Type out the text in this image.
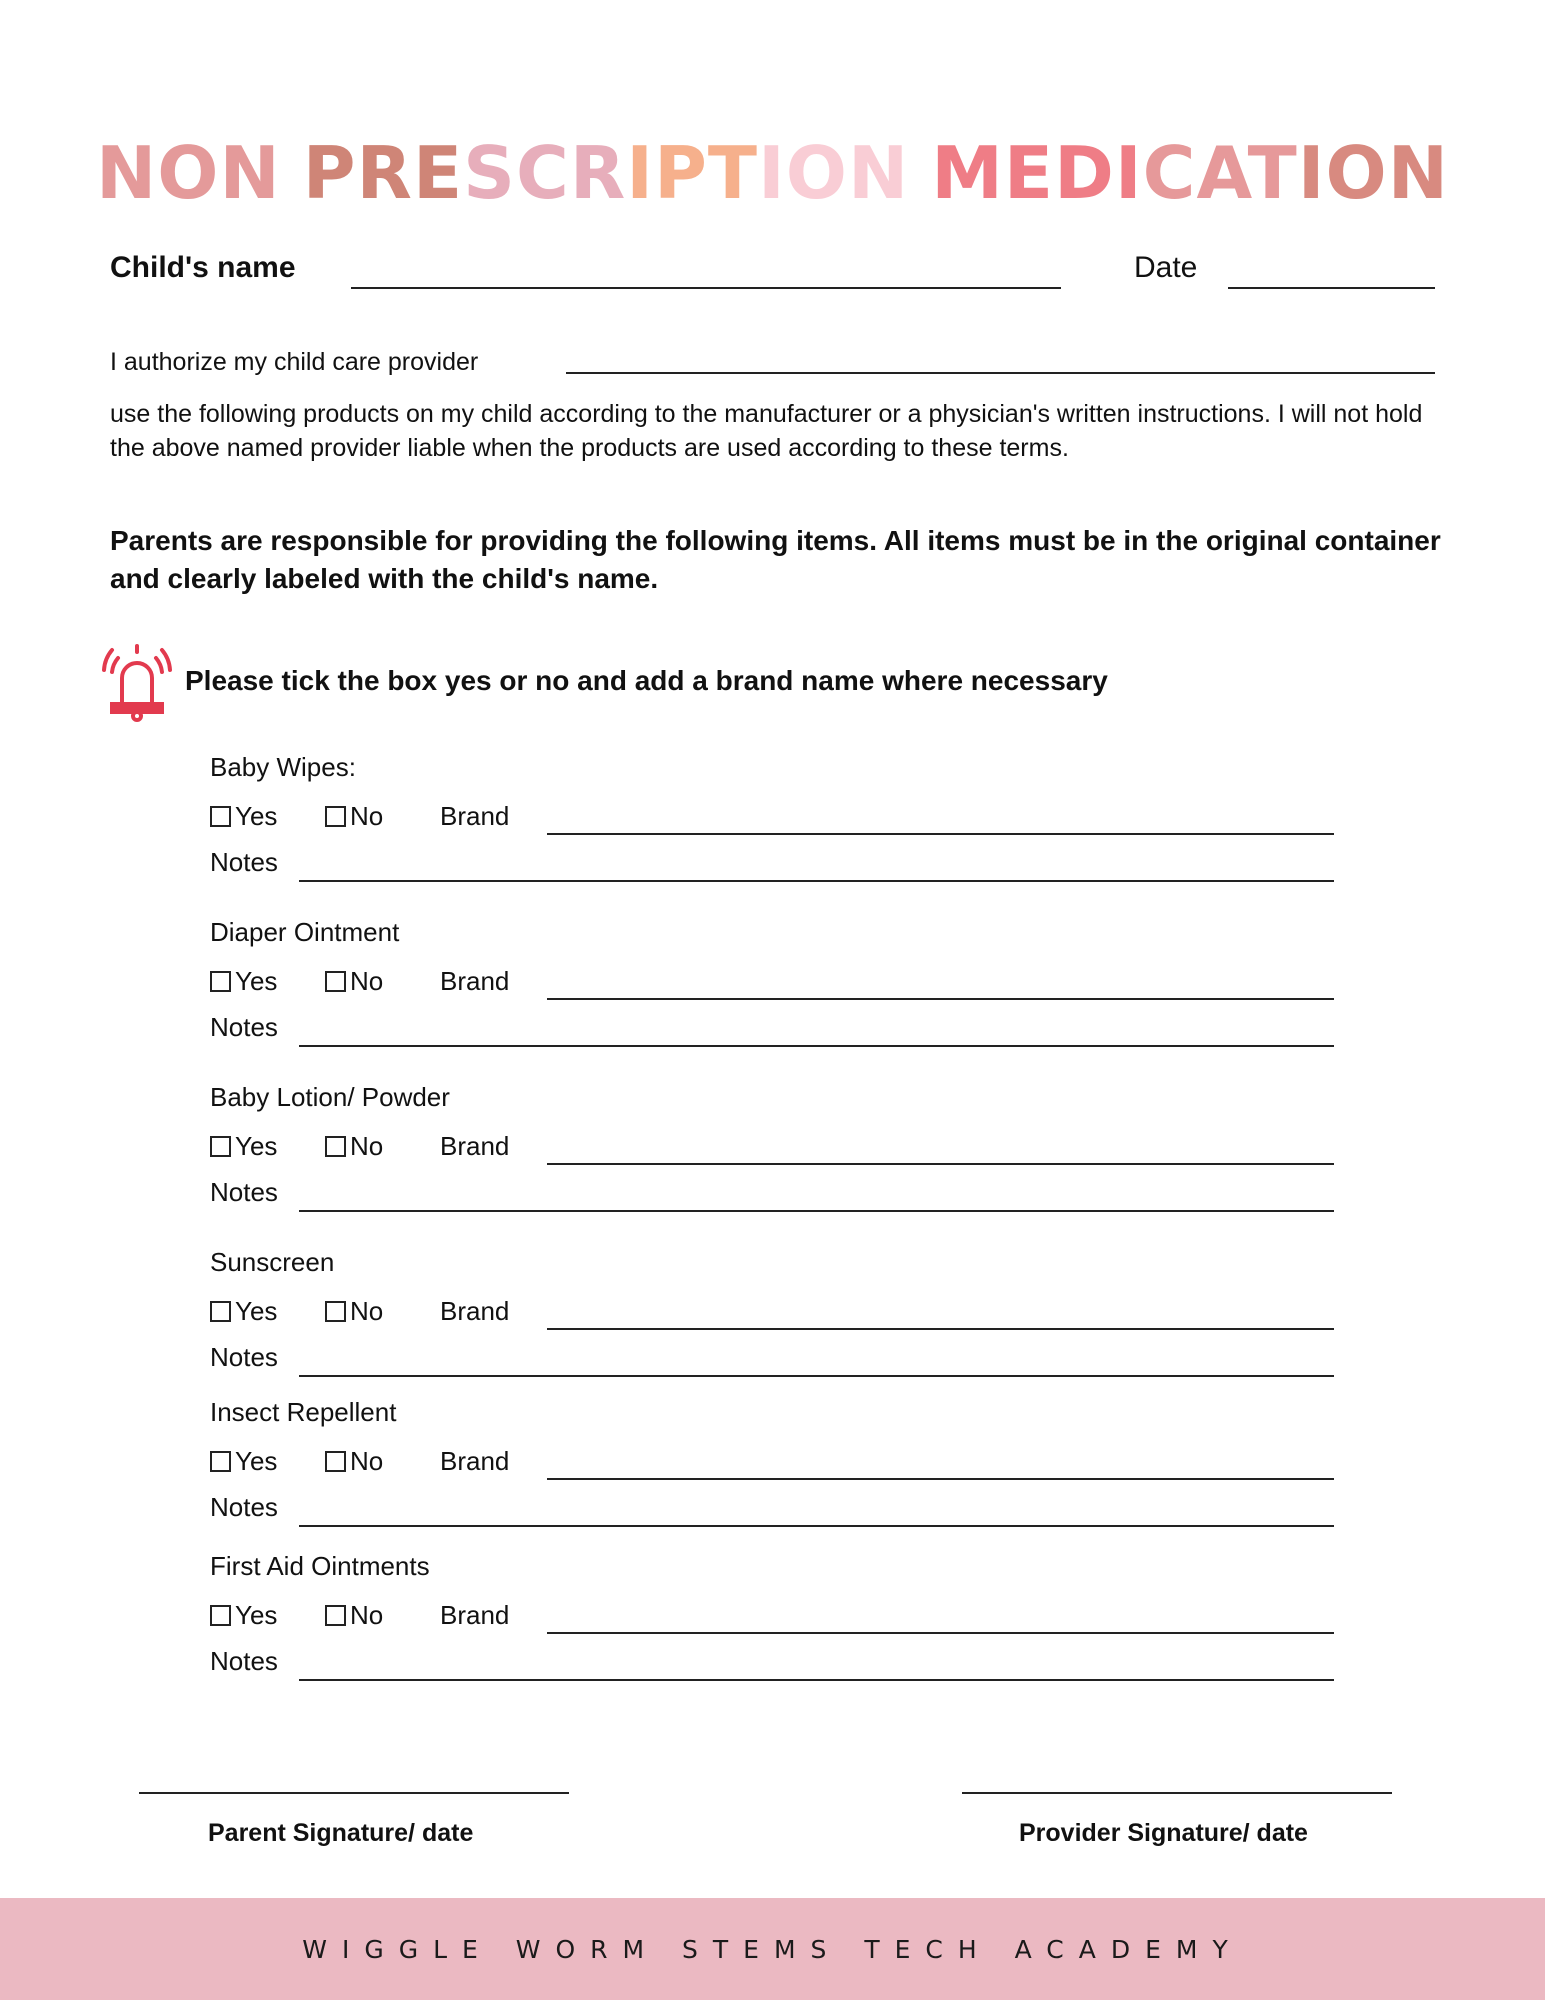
NON PRESCRIPTION MEDICATION
Child's name	Date
I authorize my child care provider
use the following products on my child according to the manufacturer or a physician's written instructions. I will not hold the above named provider liable when the products are used according to these terms.
Parents are responsible for providing the following items. All items must be in the original container and clearly labeled with the child's name.
Please tick the box yes or no and add a brand name where necessary
Baby Wipes:
Yes	No Brand
Notes
Diaper Ointment
Yes	No Brand
Notes
Baby Lotion/ Powder
Yes	No Brand
Notes
Sunscreen
Yes	No Brand
Notes
Insect Repellent
Yes	No Brand
Notes
First Aid Ointments
Yes	No Brand
Notes
Parent Signature/ date	Provider Signature/ date
WIGGLE WORM STEMS TECH ACADEMY
